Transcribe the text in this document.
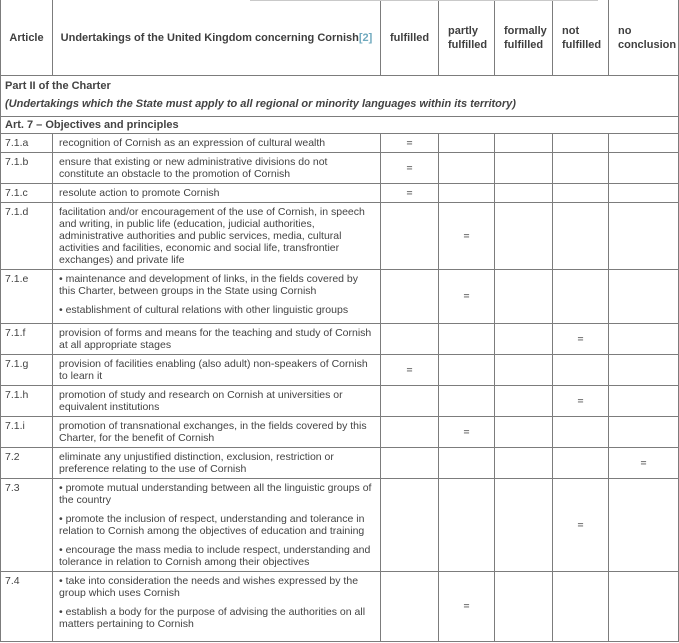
Article	Undertakings of the United Kingdom concerning Cornish[2]	fulfilled	partly fulfilled	formally fulfilled	not fulfilled	no conclusion

Part II of the Charter

(Undertakings which the State must apply to all regional or minority languages within its territory)						

Art. 7 – Objectives and principles						
7.1.a	recognition of Cornish as an expression of cultural wealth	=				
7.1.b	ensure that existing or new administrative divisions do not constitute an obstacle to the promotion of Cornish	=				
7.1.c	resolute action to promote Cornish	=				
7.1.d	facilitation and/or encouragement of the use of Cornish, in speech and writing, in public life (education, judicial authorities, administrative authorities and public services, media, cultural activities and facilities, economic and social life, transfrontier exchanges) and private life		=			
7.1.e	• maintenance and development of links, in the fields covered by this Charter, between groups in the State using Cornish

• establishment of cultural relations with other linguistic groups		=			
7.1.f	provision of forms and means for the teaching and study of Cornish at all appropriate stages				=	
7.1.g	provision of facilities enabling (also adult) non-speakers of Cornish to learn it	=				
7.1.h	promotion of study and research on Cornish at universities or equivalent institutions				=	
7.1.i	promotion of transnational exchanges, in the fields covered by this Charter, for the benefit of Cornish		=			
7.2	eliminate any unjustified distinction, exclusion, restriction or preference relating to the use of Cornish					=
7.3	• promote mutual understanding between all the linguistic groups of the country

• promote the inclusion of respect, understanding and tolerance in relation to Cornish among the objectives of education and training

• encourage the mass media to include respect, understanding and tolerance in relation to Cornish among their objectives				=	
7.4	• take into consideration the needs and wishes expressed by the group which uses Cornish

• establish a body for the purpose of advising the authorities on all matters pertaining to Cornish		=			
